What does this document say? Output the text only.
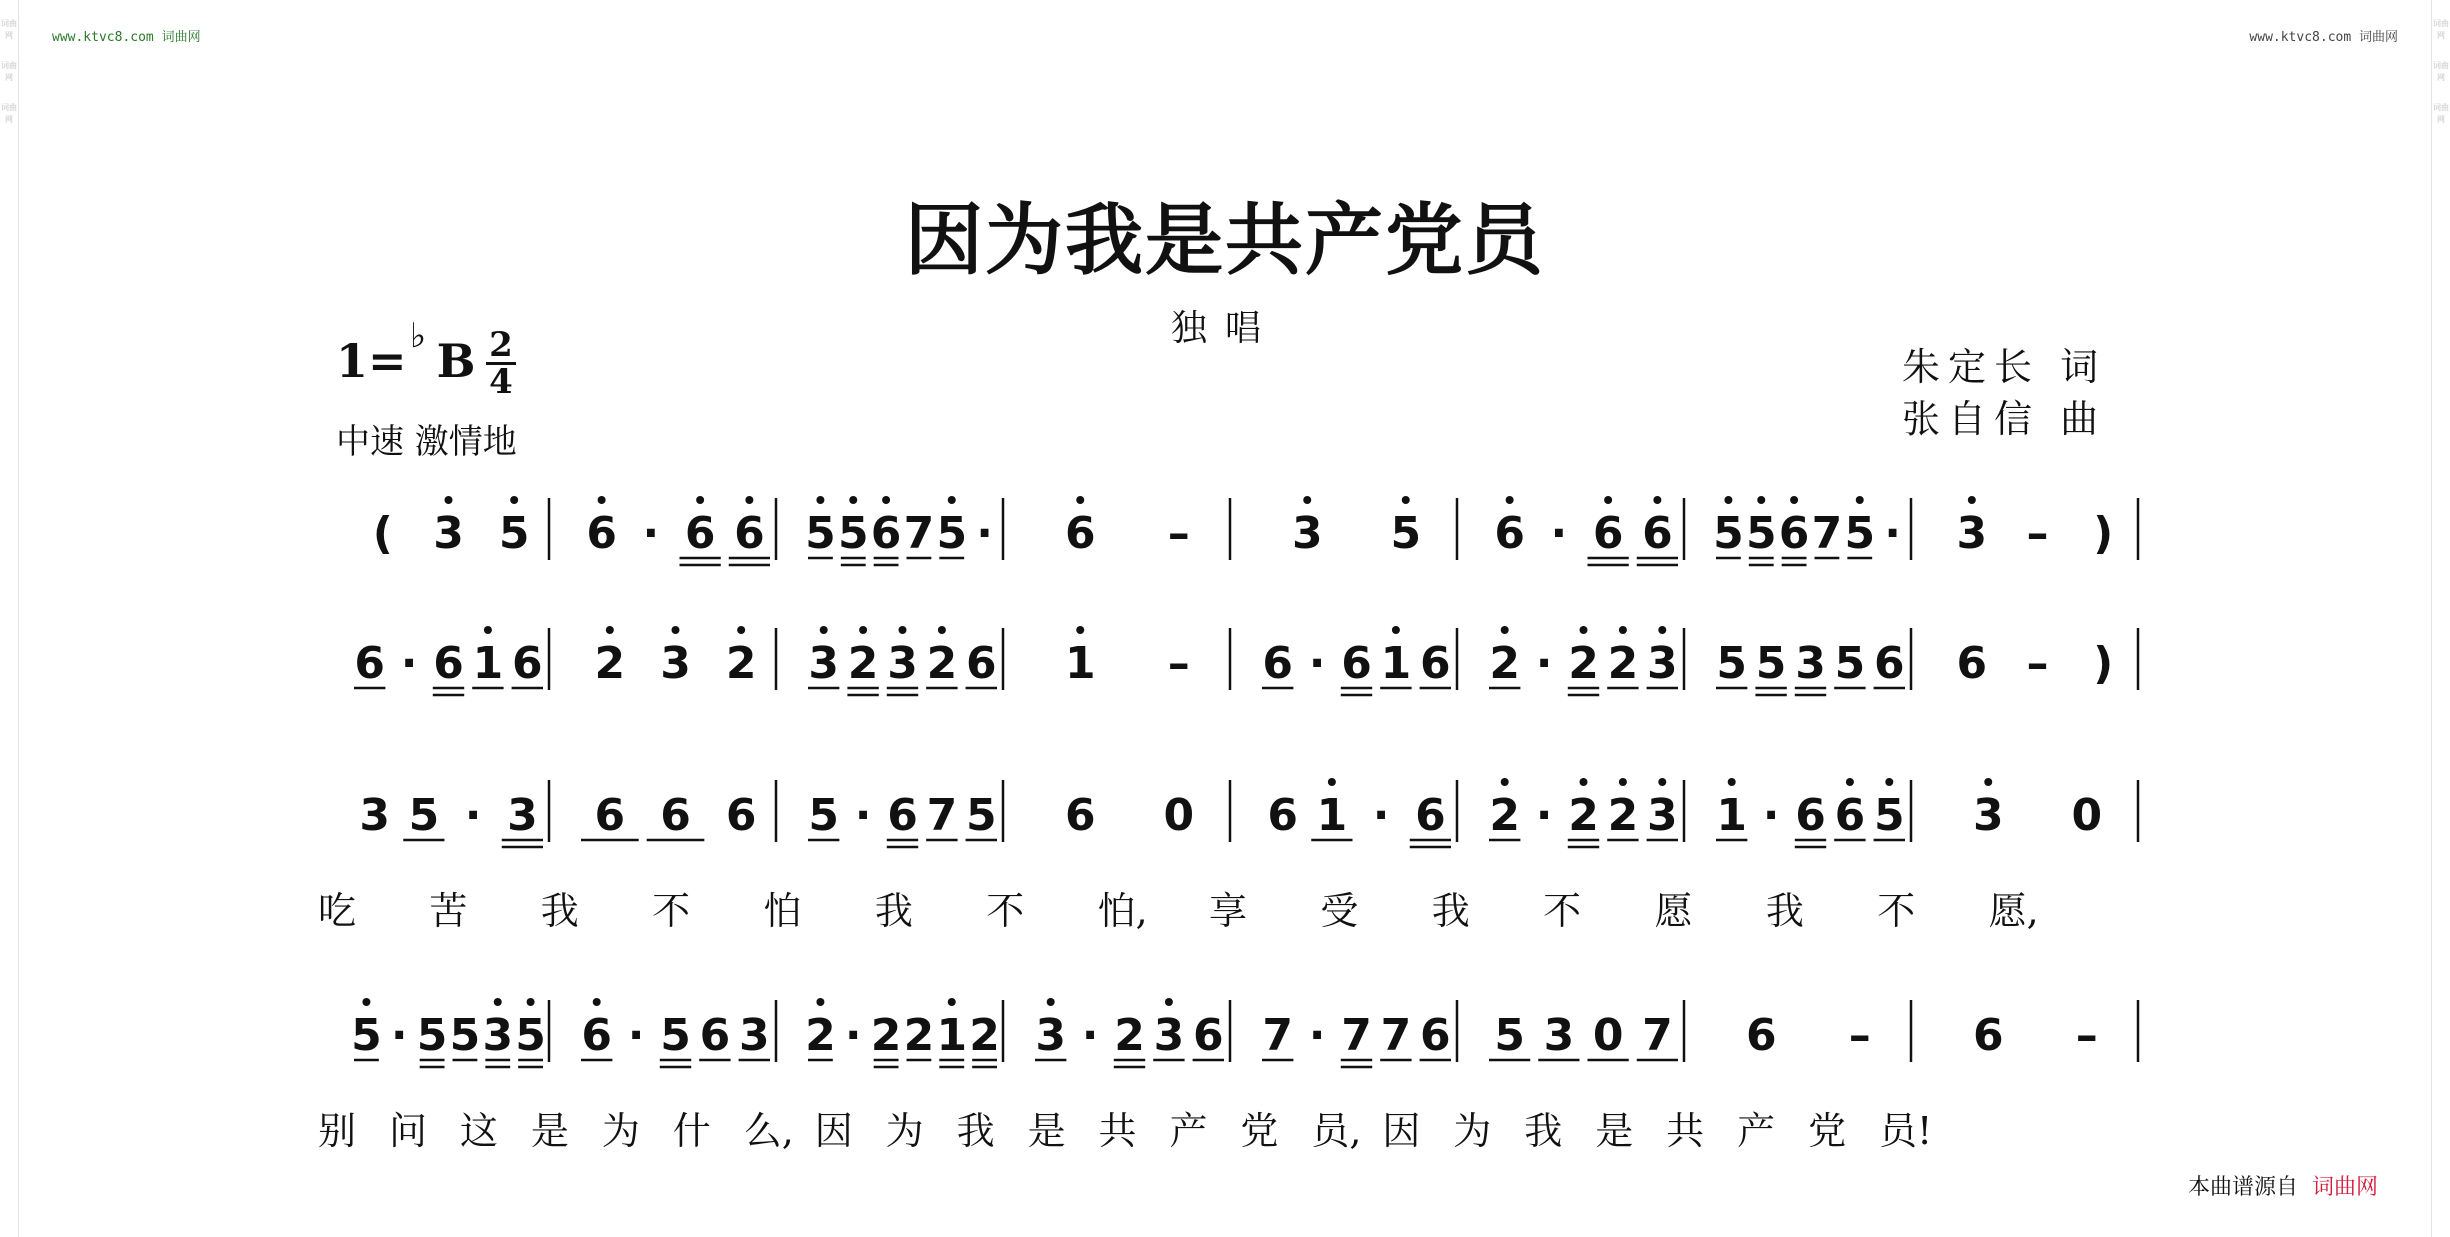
词曲网
词曲网
词曲网
词曲网
词曲网
词曲网
www.ktvc8.com 词曲网	www.ktvc8.com 词曲网
因为我是共产党员
独唱
1= ♭ B $\frac{2}{4}$
中速 激情地
朱定长 词
张自信 曲
( 3 5 6 · 6 6 5 5 6 7 5 · 6 – 3 5 6 · 6 6 5 5 6 7 5 · 3 – )
6 · 6 1 6 2 3 2 3 2 3 2 6 1 – 6 · 6 1 6 2 · 2 2 3 5 5 3 5 6 6 – )
3 5 · 3 6 6 6 5 · 6 7 5 6 0 6 1 · 6 2 · 2 2 3 1 · 6 6 5 3 0
5 · 5 5 3 5 6 · 5 6 3 2 · 2 2 1 2 3 · 2 3 6 7 · 7 7 6 5 3 0 7 6 – 6 –
吃 苦 我 不 怕 我 不 怕, 享 受 我 不 愿 我 不 愿,
别 问 这 是 为 什 么, 因 为 我 是 共 产 党 员, 因 为 我 是 共 产 党 员!
本曲谱源自 词曲网
